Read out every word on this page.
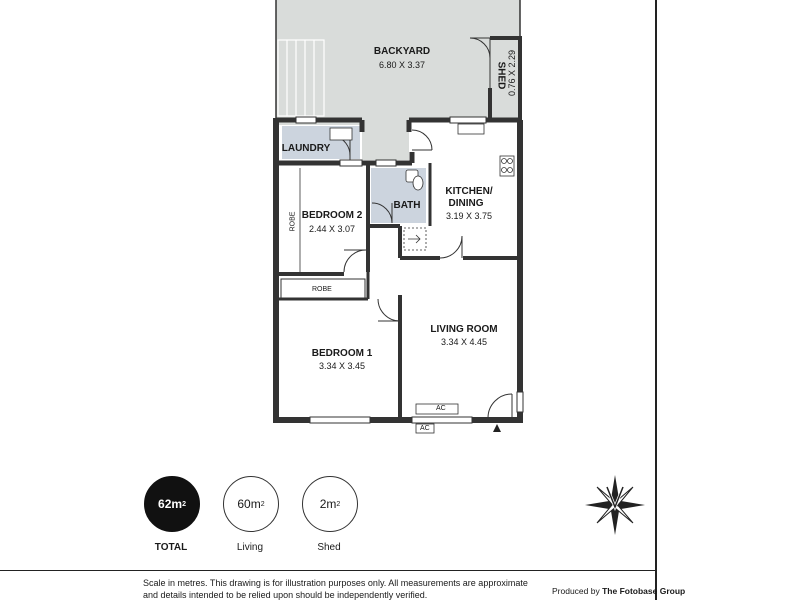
BACKYARD
6.80 X 3.37	SHED 0.76 X 2.29
LAUNDRY
KITCHEN/
DINING
3.19 X 3.75
BATH
BEDROOM 2
2.44 X 3.07
ROBE
ROBE
LIVING ROOM
3.34 X 4.45
BEDROOM 1
3.34 X 3.45
AC
AC
62m 2
TOTAL
60m 2
Living
2m 2
Shed
N
Scale in metres. This drawing is for illustration purposes only. All measurements are approximate and details intended to be relied upon should be independently verified.	Produced by The Fotobase Group
